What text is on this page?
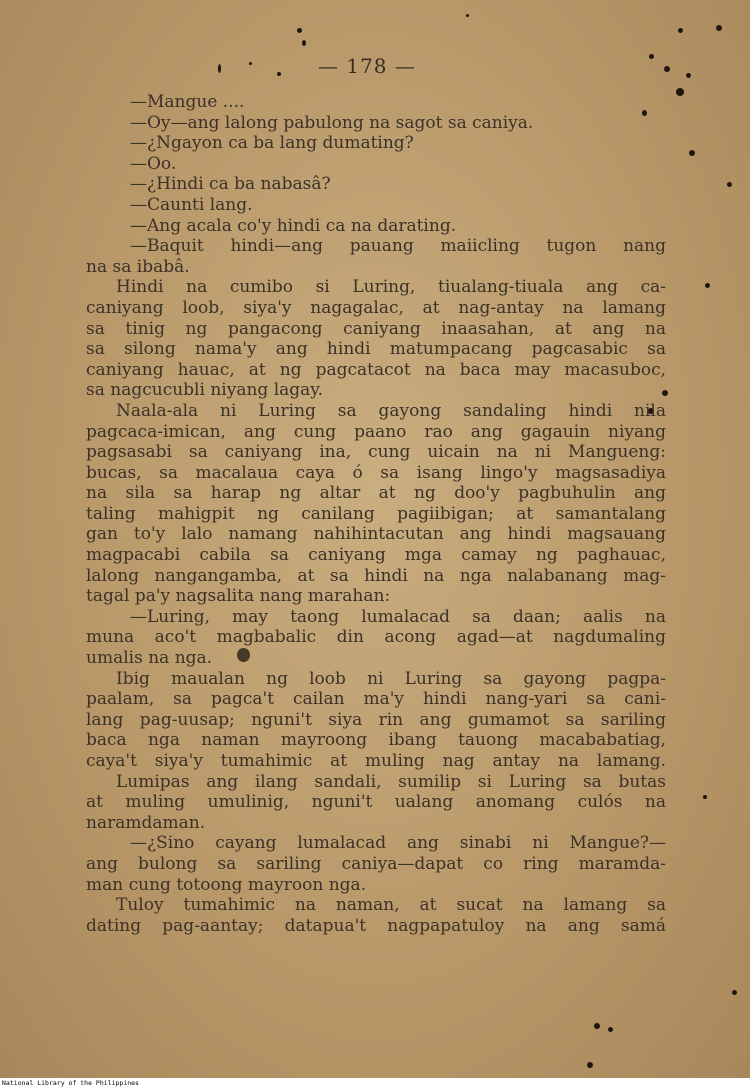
— 178 —
—Mangue ....
—Oy—ang lalong pabulong na sagot sa caniya.
—¿Ngayon ca ba lang dumating?
—Oo.
—¿Hindi ca ba nabasâ?
—Caunti lang.
—Ang acala co'y hindi ca na darating.
—Baquit hindi—ang pauang maiicling tugon nang
na sa ibabâ.
Hindi na cumibo si Luring, tiualang-tiuala ang ca-
caniyang loob, siya'y nagagalac, at nag-antay na lamang
sa tinig ng pangacong caniyang inaasahan, at ang na
sa silong nama'y ang hindi matumpacang pagcasabic sa
caniyang hauac, at ng pagcatacot na baca may macasuboc,
sa nagcucubli niyang lagay.
Naala-ala ni Luring sa gayong sandaling hindi nila
pagcaca-imican, ang cung paano rao ang gagauin niyang
pagsasabi sa caniyang ina, cung uicain na ni Mangueng:
bucas, sa macalaua caya ó sa isang lingo'y magsasadiya
na sila sa harap ng altar at ng doo'y pagbuhulin ang
taling mahigpit ng canilang pagiibigan; at samantalang
gan to'y lalo namang nahihintacutan ang hindi magsauang
magpacabi cabila sa caniyang mga camay ng paghauac,
lalong nangangamba, at sa hindi na nga nalabanang mag-
tagal pa'y nagsalita nang marahan:
—Luring, may taong lumalacad sa daan; aalis na
muna aco't magbabalic din acong agad—at nagdumaling
umalis na nga.
Ibig maualan ng loob ni Luring sa gayong pagpa-
paalam, sa pagca't cailan ma'y hindi nang-yari sa cani-
lang pag-uusap; nguni't siya rin ang gumamot sa sariling
baca nga naman mayroong ibang tauong macababatiag,
caya't siya'y tumahimic at muling nag antay na lamang.
Lumipas ang ilang sandali, sumilip si Luring sa butas
at muling umulinig, nguni't ualang anomang culós na
naramdaman.
—¿Sino cayang lumalacad ang sinabi ni Mangue?—
ang bulong sa sariling caniya—dapat co ring maramda-
man cung totoong mayroon nga.
Tuloy tumahimic na naman, at sucat na lamang sa
dating pag-aantay; datapua't nagpapatuloy na ang samá
National Library of the Philippines
